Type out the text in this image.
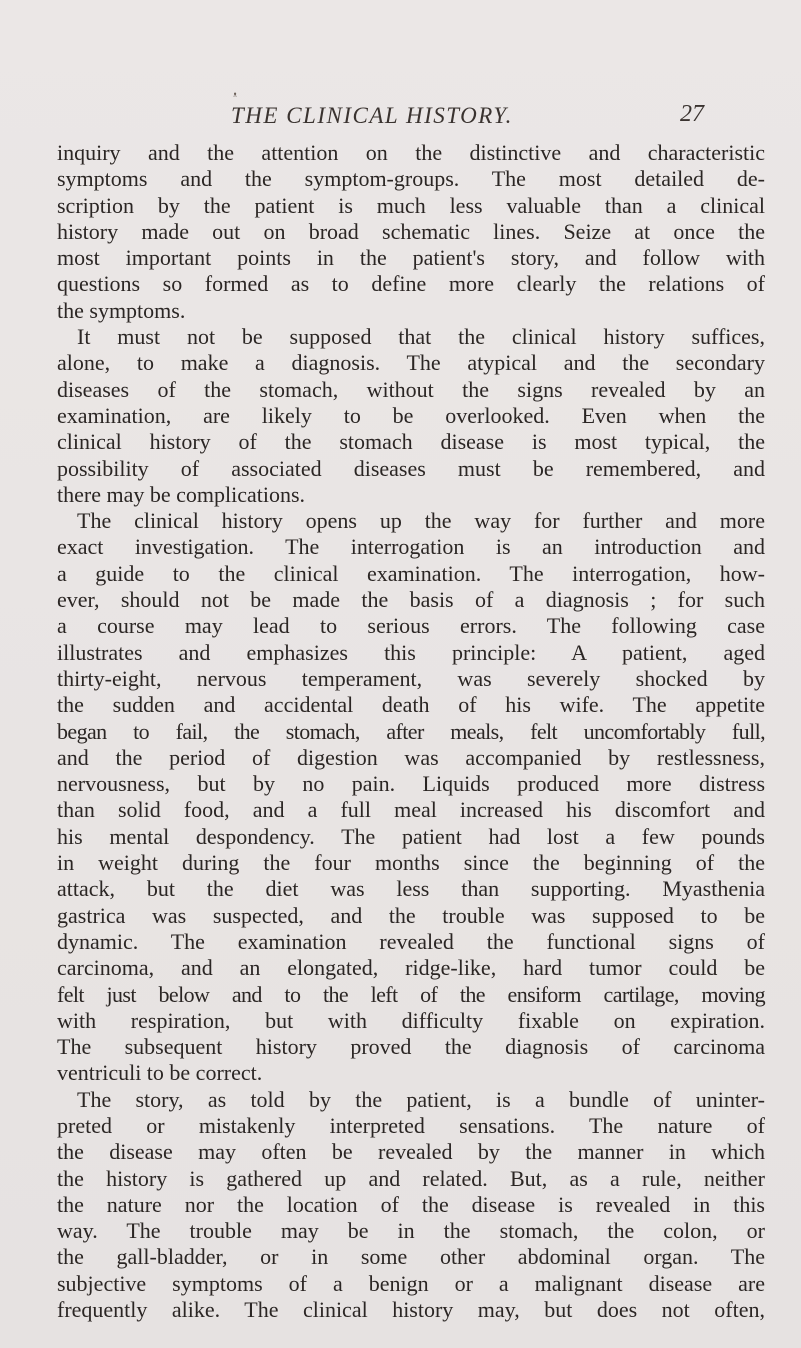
ᵜ
THE CLINICAL HISTORY.	27
inquiry and the attention on the distinctive and characteristic
symptoms and the symptom-groups. The most detailed de-
scription by the patient is much less valuable than a clinical
history made out on broad schematic lines. Seize at once the
most important points in the patient's story, and follow with
questions so formed as to define more clearly the relations of
the symptoms.
It must not be supposed that the clinical history suffices,
alone, to make a diagnosis. The atypical and the secondary
diseases of the stomach, without the signs revealed by an
examination, are likely to be overlooked. Even when the
clinical history of the stomach disease is most typical, the
possibility of associated diseases must be remembered, and
there may be complications.
The clinical history opens up the way for further and more
exact investigation. The interrogation is an introduction and
a guide to the clinical examination. The interrogation, how-
ever, should not be made the basis of a diagnosis ; for such
a course may lead to serious errors. The following case
illustrates and emphasizes this principle: A patient, aged
thirty-eight, nervous temperament, was severely shocked by
the sudden and accidental death of his wife. The appetite
began to fail, the stomach, after meals, felt uncomfortably full,
and the period of digestion was accompanied by restlessness,
nervousness, but by no pain. Liquids produced more distress
than solid food, and a full meal increased his discomfort and
his mental despondency. The patient had lost a few pounds
in weight during the four months since the beginning of the
attack, but the diet was less than supporting. Myasthenia
gastrica was suspected, and the trouble was supposed to be
dynamic. The examination revealed the functional signs of
carcinoma, and an elongated, ridge-like, hard tumor could be
felt just below and to the left of the ensiform cartilage, moving
with respiration, but with difficulty fixable on expiration.
The subsequent history proved the diagnosis of carcinoma
ventriculi to be correct.
The story, as told by the patient, is a bundle of uninter-
preted or mistakenly interpreted sensations. The nature of
the disease may often be revealed by the manner in which
the history is gathered up and related. But, as a rule, neither
the nature nor the location of the disease is revealed in this
way. The trouble may be in the stomach, the colon, or
the gall-bladder, or in some other abdominal organ. The
subjective symptoms of a benign or a malignant disease are
frequently alike. The clinical history may, but does not often,
